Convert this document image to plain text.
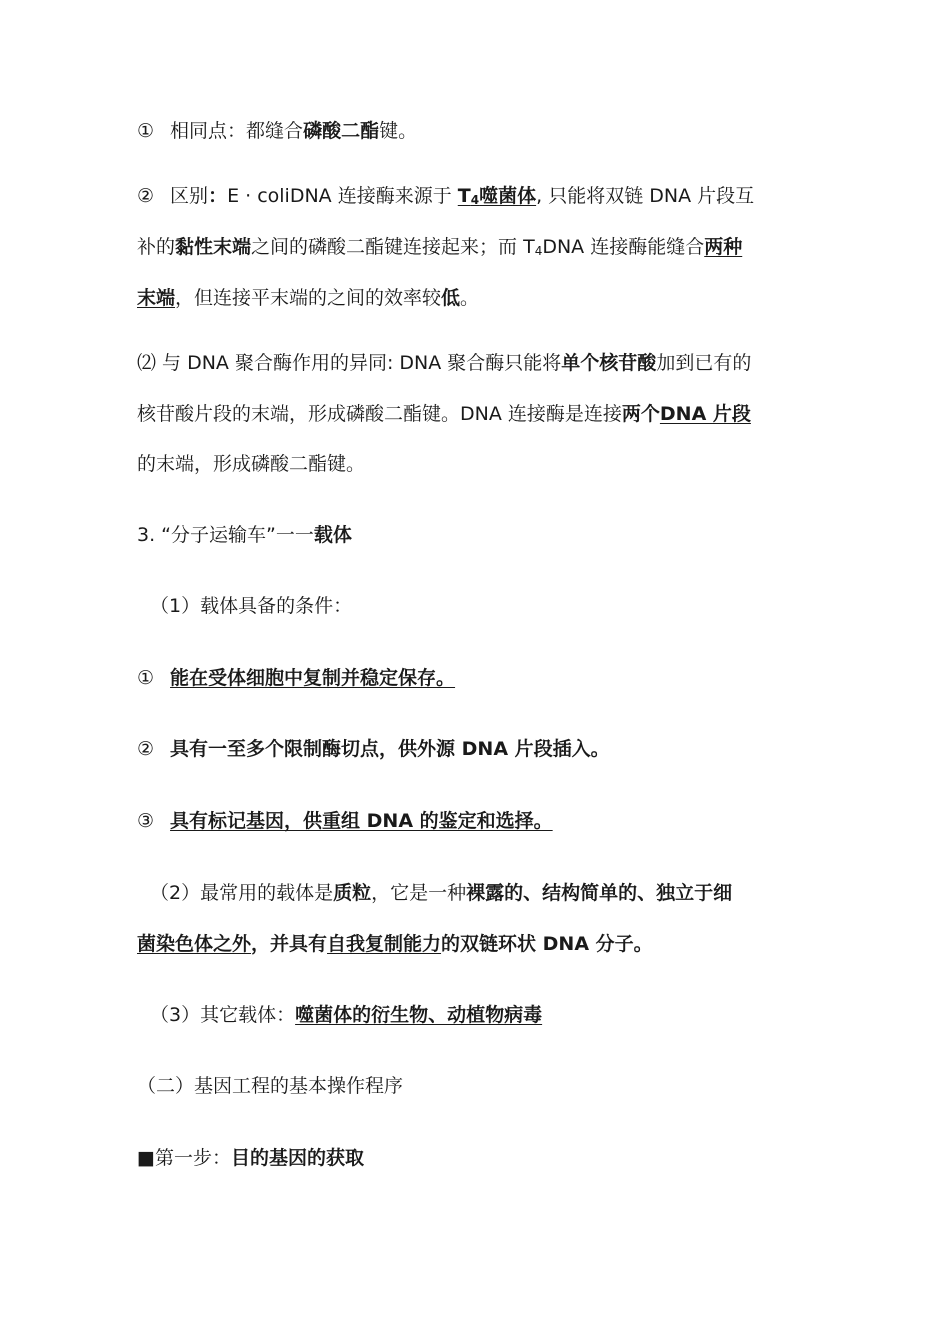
① 相同点：都缝合磷酸二酯键。
② 区别：E · coliDNA 连接酶来源于 $T_4$噬菌体, 只能将双链 DNA 片段互
补的黏性末端之间的磷酸二酯键连接起来；而 $T_4DNA$ 连接酶能缝合两种
末端，但连接平末端的之间的效率较低。
⑵ 与 DNA 聚合酶作用的异同: DNA 聚合酶只能将单个核苷酸加到已有的
核苷酸片段的末端，形成磷酸二酯键。DNA 连接酶是连接两个DNA 片段
的末端，形成磷酸二酯键。
3. “分子运输车”一一载体
（1）载体具备的条件：
① 能在受体细胞中复制并稳定保存。
② 具有一至多个限制酶切点，供外源 DNA 片段插入。
③ 具有标记基因，供重组 DNA 的鉴定和选择。
（2）最常用的载体是质粒，它是一种裸露的、结构简单的、独立于细
菌染色体之外，并具有自我复制能力的双链环状 DNA 分子。
（3）其它载体：噬菌体的衍生物、动植物病毒
（二）基因工程的基本操作程序
■第一步：目的基因的获取
